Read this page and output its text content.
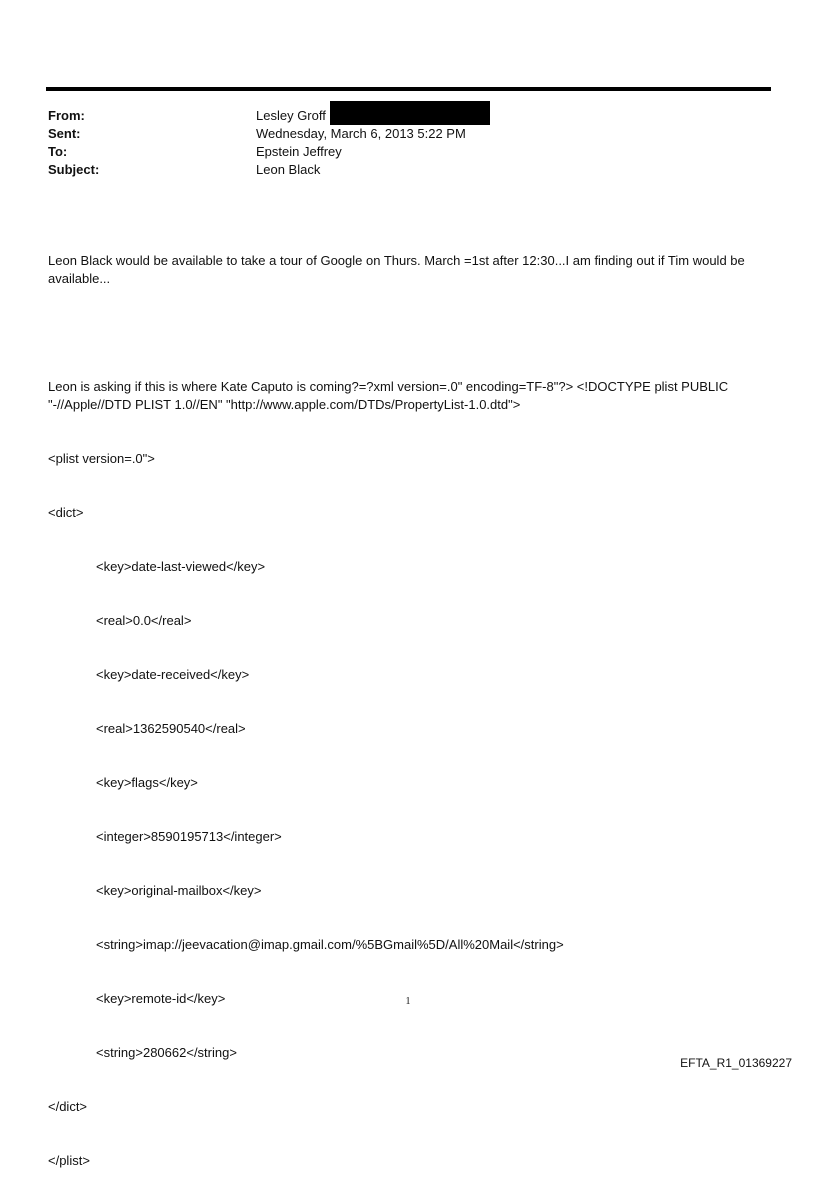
From:	Lesley Groff
Sent:	Wednesday, March 6, 2013 5:22 PM
To:	Epstein Jeffrey
Subject:	Leon Black

Leon Black would be available to take a tour of Google on Thurs. March =1st after 12:30...I am finding out if Tim would be available...

Leon is asking if this is where Kate Caputo is coming?=?xml version=.0" encoding=TF-8"?> <!DOCTYPE plist PUBLIC "-//Apple//DTD PLIST 1.0//EN" "http://www.apple.com/DTDs/PropertyList-1.0.dtd">

<plist version=.0">

<dict>

<key>date-last-viewed</key>

<real>0.0</real>

<key>date-received</key>

<real>1362590540</real>

<key>flags</key>

<integer>8590195713</integer>

<key>original-mailbox</key>

<string>imap://jeevacation@imap.gmail.com/%5BGmail%5D/All%20Mail</string>

<key>remote-id</key>

<string>280662</string>

</dict>

</plist>

1
EFTA_R1_01369227
